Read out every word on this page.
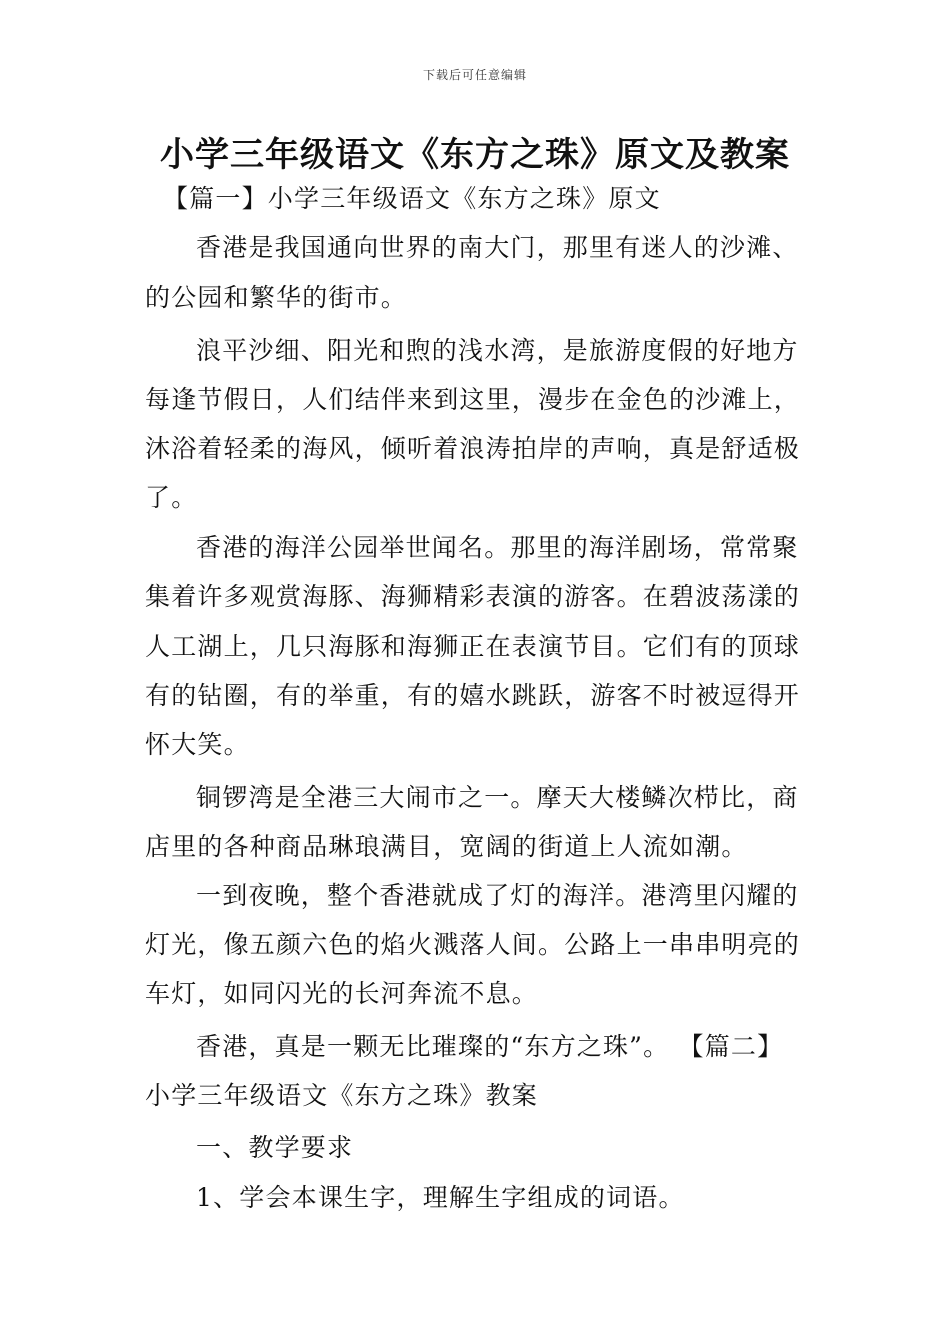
下载后可任意编辑
小学三年级语文《东方之珠》原文及教案
【篇一】小学三年级语文《东方之珠》原文
香港是我国通向世界的南大门，那里有迷人的沙滩、
的公园和繁华的街市。
浪平沙细、阳光和煦的浅水湾，是旅游度假的好地方
每逢节假日，人们结伴来到这里，漫步在金色的沙滩上，
沐浴着轻柔的海风，倾听着浪涛拍岸的声响，真是舒适极
了。
香港的海洋公园举世闻名。那里的海洋剧场，常常聚
集着许多观赏海豚、海狮精彩表演的游客。在碧波荡漾的
人工湖上，几只海豚和海狮正在表演节目。它们有的顶球
有的钻圈，有的举重，有的嬉水跳跃，游客不时被逗得开
怀大笑。
铜锣湾是全港三大闹市之一。摩天大楼鳞次栉比，商
店里的各种商品琳琅满目，宽阔的街道上人流如潮。
一到夜晚，整个香港就成了灯的海洋。港湾里闪耀的
灯光，像五颜六色的焰火溅落人间。公路上一串串明亮的
车灯，如同闪光的长河奔流不息。
香港，真是一颗无比璀璨的“东方之珠”。 【篇二】
小学三年级语文《东方之珠》教案
一、教学要求
1、学会本课生字，理解生字组成的词语。
